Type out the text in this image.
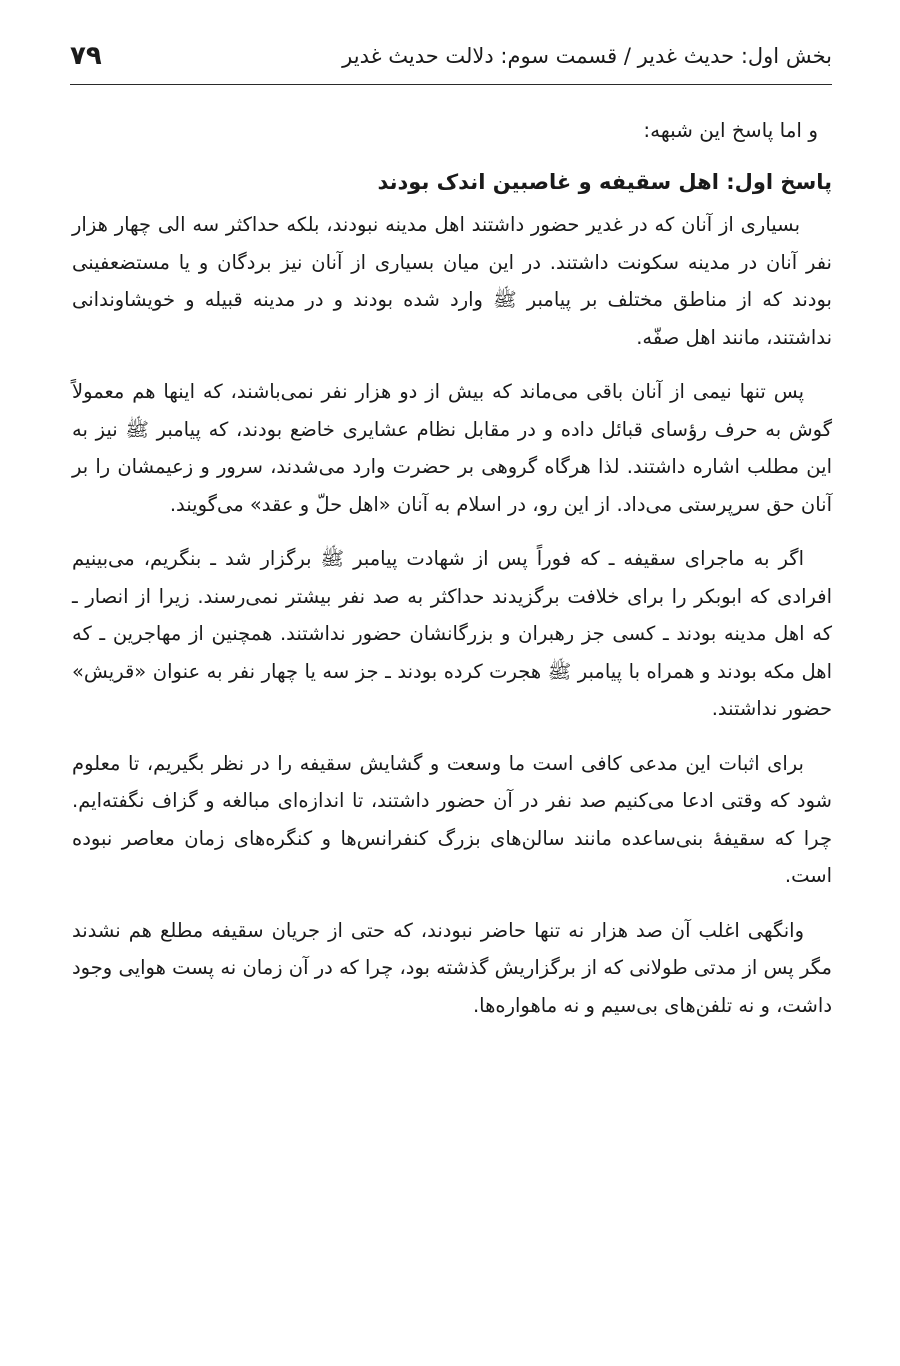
بخش اول: حدیث غدیر / قسمت سوم: دلالت حدیث غدیر
۷۹

و اما پاسخ این شبهه:

پاسخ اول: اهل سقیفه و غاصبین اندک بودند

بسیاری از آنان که در غدیر حضور داشتند اهل مدینه نبودند، بلکه حداکثر سه الی چهار هزار نفر آنان در مدینه سکونت داشتند. در این میان بسیاری از آنان نیز بردگان و یا مستضعفینی بودند که از مناطق مختلف بر پیامبر ﷺ وارد شده بودند و در مدینه قبیله و خویشاوندانی نداشتند، مانند اهل صفّه.

پس تنها نیمی از آنان باقی می‌ماند که بیش از دو هزار نفر نمی‌باشند، که اینها هم معمولاً گوش به حرف رؤسای قبائل داده و در مقابل نظام عشایری خاضع بودند، که پیامبر ﷺ نیز به این مطلب اشاره داشتند. لذا هرگاه گروهی بر حضرت وارد می‌شدند، سرور و زعیمشان را بر آنان حق سرپرستی می‌داد. از این رو، در اسلام به آنان «اهل حلّ و عقد» می‌گویند.

اگر به ماجرای سقیفه ـ که فوراً پس از شهادت پیامبر ﷺ برگزار شد ـ بنگریم، می‌بینیم افرادی که ابوبکر را برای خلافت برگزیدند حداکثر به صد نفر بیشتر نمی‌رسند. زیرا از انصار ـ که اهل مدینه بودند ـ کسی جز رهبران و بزرگانشان حضور نداشتند. همچنین از مهاجرین ـ که اهل مکه بودند و همراه با پیامبر ﷺ هجرت کرده بودند ـ جز سه یا چهار نفر به عنوان «قریش» حضور نداشتند.

برای اثبات این مدعی کافی است ما وسعت و گشایش سقیفه را در نظر بگیریم، تا معلوم شود که وقتی ادعا می‌کنیم صد نفر در آن حضور داشتند، تا اندازه‌ای مبالغه و گزاف نگفته‌ایم. چرا که سقیفهٔ بنی‌ساعده مانند سالن‌های بزرگ کنفرانس‌ها و کنگره‌های زمان معاصر نبوده است.

وانگهی اغلب آن صد هزار نه تنها حاضر نبودند، که حتی از جریان سقیفه مطلع هم نشدند مگر پس از مدتی طولانی که از برگزاریش گذشته بود، چرا که در آن زمان نه پست هوایی وجود داشت، و نه تلفن‌های بی‌سیم و نه ماهواره‌ها.
